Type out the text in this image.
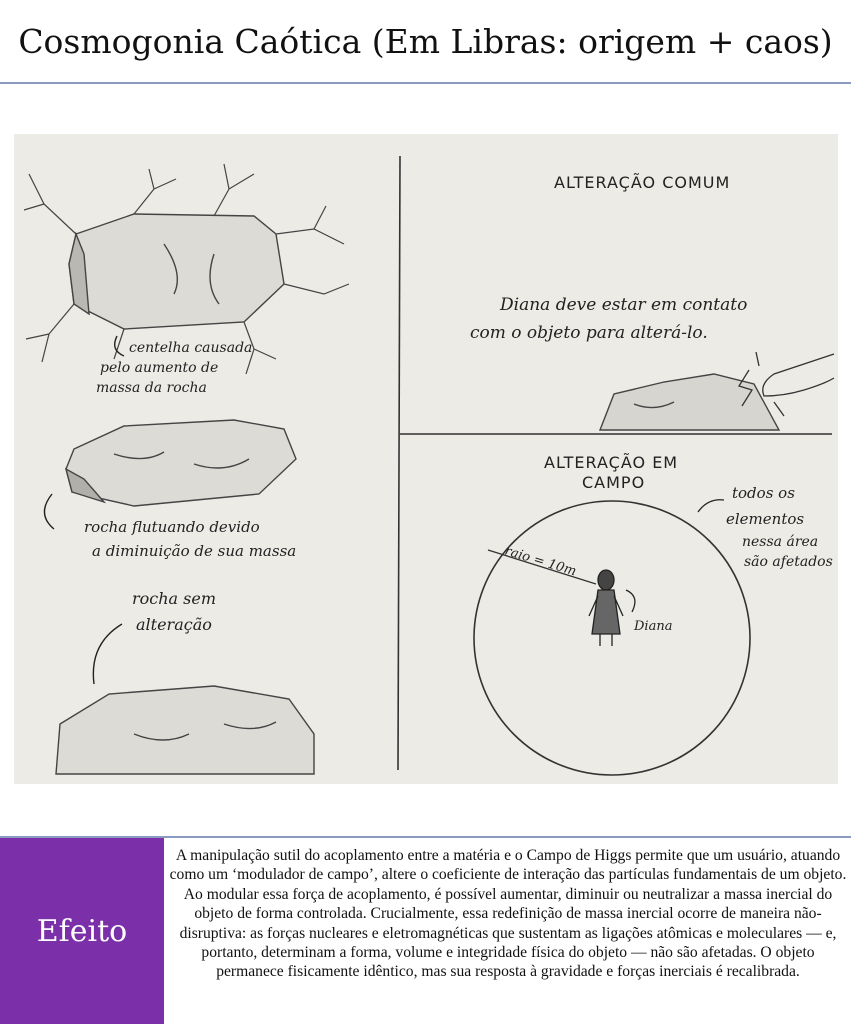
Cosmogonia Caótica (Em Libras: origem + caos)
centelha causada
pelo aumento de
massa da rocha
rocha flutuando devido
a diminuição de sua massa
rocha sem
alteração
ALTERAÇÃO COMUM
Diana deve estar em contato
com o objeto para alterá-lo.
ALTERAÇÃO EM
CAMPO
raio = 10m
Diana
todos os
elementos
nessa área
são afetados
Efeito
A manipulação sutil do acoplamento entre a matéria e o Campo de Higgs permite que um usuário, atuando como um ‘modulador de campo’, altere o coeficiente de interação das partículas fundamentais de um objeto. Ao modular essa força de acoplamento, é possível aumentar, diminuir ou neutralizar a massa inercial do objeto de forma controlada. Crucialmente, essa redefinição de massa inercial ocorre de maneira não-disruptiva: as forças nucleares e eletromagnéticas que sustentam as ligações atômicas e moleculares — e, portanto, determinam a forma, volume e integridade física do objeto — não são afetadas. O objeto permanece fisicamente idêntico, mas sua resposta à gravidade e forças inerciais é recalibrada.
